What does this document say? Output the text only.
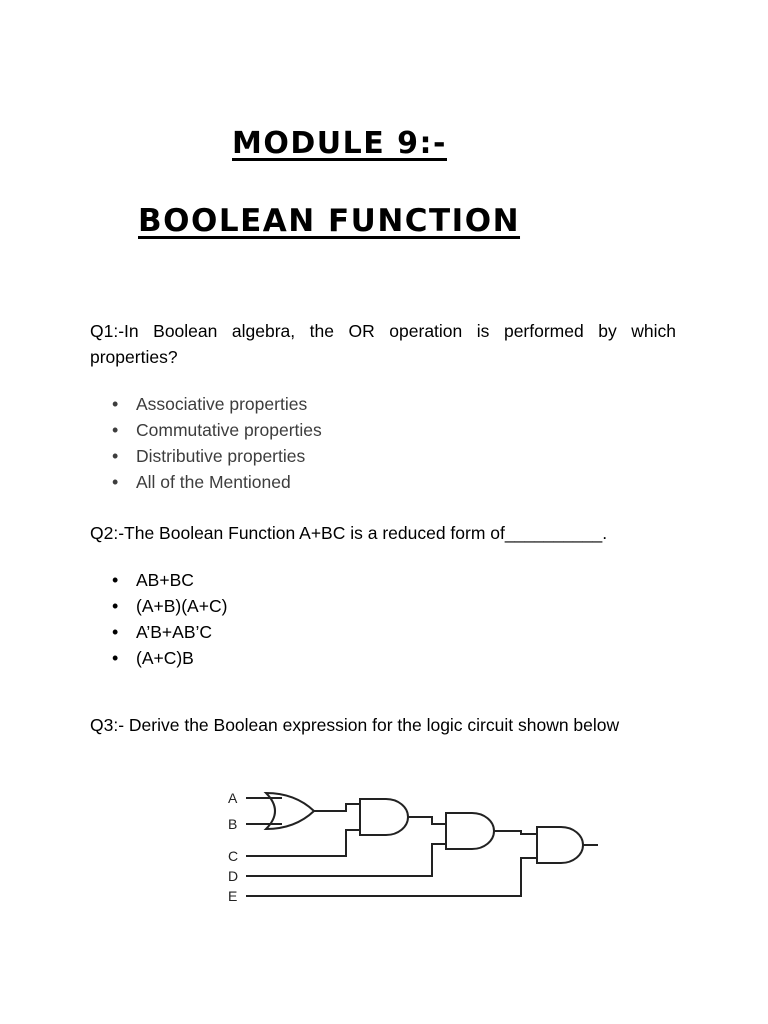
MODULE 9:-
BOOLEAN FUNCTION

Q1:-In Boolean algebra, the OR operation is performed by which properties?

• Associative properties
• Commutative properties
• Distributive properties
• All of the Mentioned

Q2:-The Boolean Function A+BC is a reduced form of__________.

• AB+BC
• (A+B)(A+C)
• A’B+AB’C
• (A+C)B

Q3:- Derive the Boolean expression for the logic circuit shown below

A
B
C
D
E
